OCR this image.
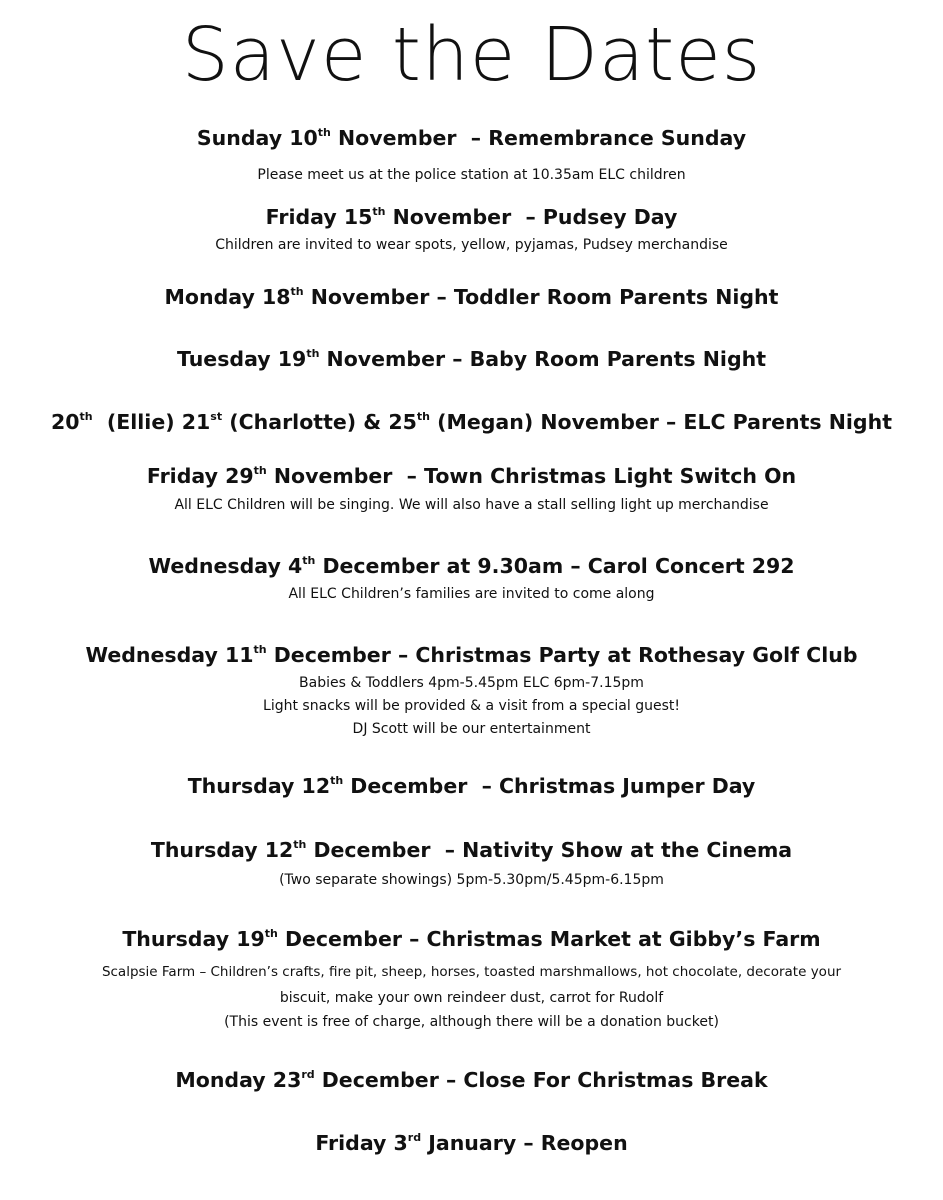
Save the Dates
Sunday 10th November  – Remembrance Sunday
Please meet us at the police station at 10.35am ELC children
Friday 15th November  – Pudsey Day
Children are invited to wear spots, yellow, pyjamas, Pudsey merchandise
Monday 18th November – Toddler Room Parents Night
Tuesday 19th November – Baby Room Parents Night
20th  (Ellie) 21st (Charlotte) & 25th (Megan) November – ELC Parents Night
Friday 29th November  – Town Christmas Light Switch On
All ELC Children will be singing. We will also have a stall selling light up merchandise
Wednesday 4th December at 9.30am – Carol Concert 292
All ELC Children’s families are invited to come along
Wednesday 11th December – Christmas Party at Rothesay Golf Club
Babies & Toddlers 4pm-5.45pm ELC 6pm-7.15pm
Light snacks will be provided & a visit from a special guest!
DJ Scott will be our entertainment
Thursday 12th December  – Christmas Jumper Day
Thursday 12th December  – Nativity Show at the Cinema
(Two separate showings) 5pm-5.30pm/5.45pm-6.15pm
Thursday 19th December – Christmas Market at Gibby’s Farm
Scalpsie Farm – Children’s crafts, fire pit, sheep, horses, toasted marshmallows, hot chocolate, decorate your
biscuit, make your own reindeer dust, carrot for Rudolf
(This event is free of charge, although there will be a donation bucket)
Monday 23rd December – Close For Christmas Break
Friday 3rd January – Reopen
